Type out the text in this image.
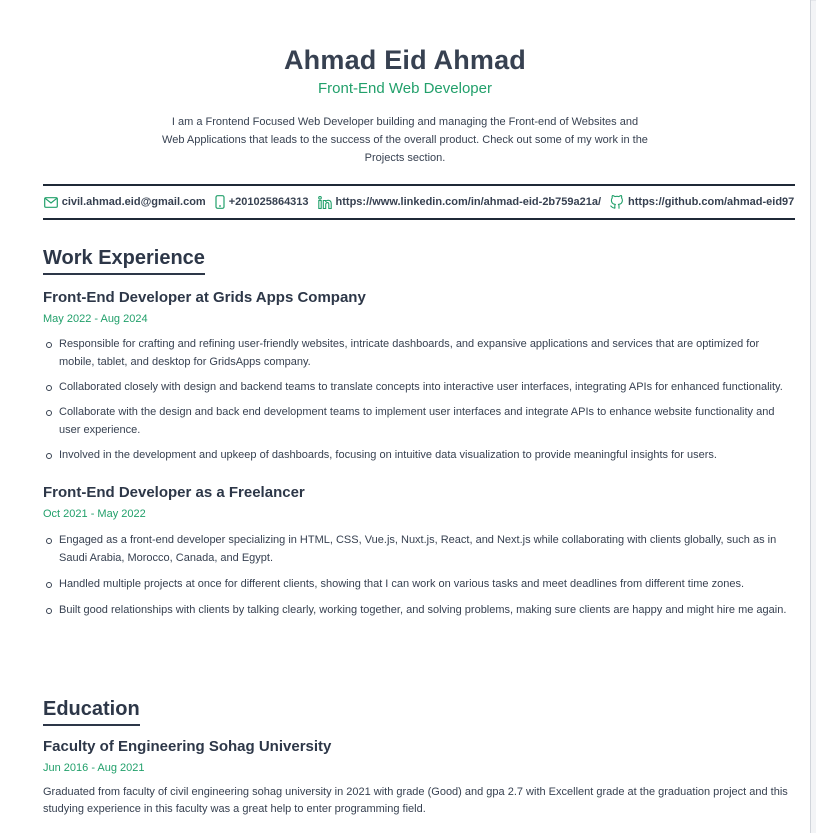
Ahmad Eid Ahmad

Front-End Web Developer

I am a Frontend Focused Web Developer building and managing the Front-end of Websites and Web Applications that leads to the success of the overall product. Check out some of my work in the Projects section.

civil.ahmad.eid@gmail.com +201025864313 https://www.linkedin.com/in/ahmad-eid-2b759a21a/ https://github.com/ahmad-eid97
Work Experience
Front-End Developer at Grids Apps Company

May 2022 - Aug 2024

Responsible for crafting and refining user-friendly websites, intricate dashboards, and expansive applications and services that are optimized for mobile, tablet, and desktop for GridsApps company.
Collaborated closely with design and backend teams to translate concepts into interactive user interfaces, integrating APIs for enhanced functionality.
Collaborate with the design and back end development teams to implement user interfaces and integrate APIs to enhance website functionality and user experience.
Involved in the development and upkeep of dashboards, focusing on intuitive data visualization to provide meaningful insights for users.
Front-End Developer as a Freelancer

Oct 2021 - May 2022

Engaged as a front-end developer specializing in HTML, CSS, Vue.js, Nuxt.js, React, and Next.js while collaborating with clients globally, such as in Saudi Arabia, Morocco, Canada, and Egypt.
Handled multiple projects at once for different clients, showing that I can work on various tasks and meet deadlines from different time zones.
Built good relationships with clients by talking clearly, working together, and solving problems, making sure clients are happy and might hire me again.
Education
Faculty of Engineering Sohag University

Jun 2016 - Aug 2021

Graduated from faculty of civil engineering sohag university in 2021 with grade (Good) and gpa 2.7 with Excellent grade at the graduation project and this studying experience in this faculty was a great help to enter programming field.
